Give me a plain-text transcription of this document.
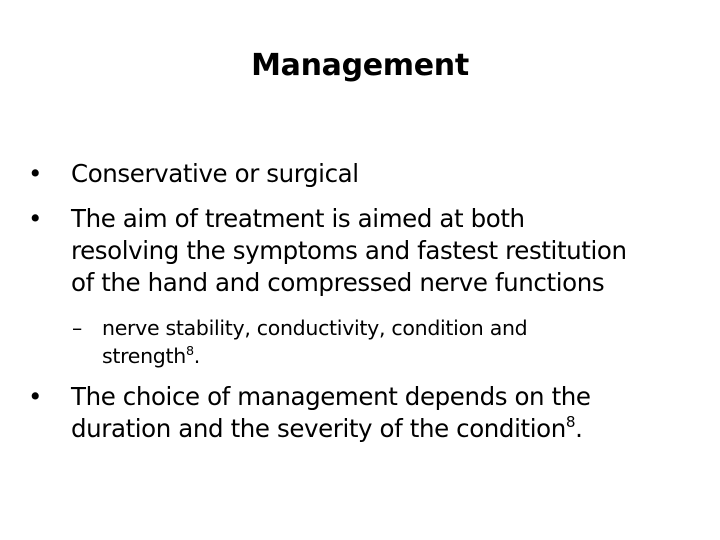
Management
• Conservative or surgical
• The aim of treatment is aimed at both
resolving the symptoms and fastest restitution
of the hand and compressed nerve functions
– nerve stability, conductivity, condition and
strength$^8$.
• The choice of management depends on the
duration and the severity of the condition$^8$.
